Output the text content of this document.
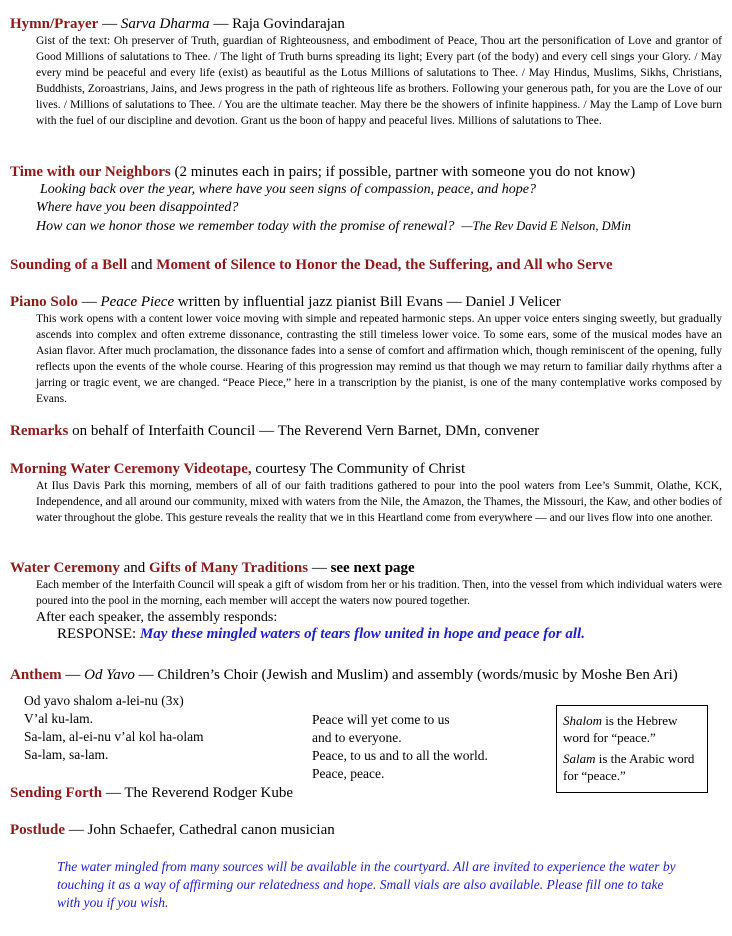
Hymn/Prayer — Sarva Dharma — Raja Govindarajan

Gist of the text: Oh preserver of Truth, guardian of Righteousness, and embodiment of Peace, Thou art the personification of Love and grantor of Good Millions of salutations to Thee. / The light of Truth burns spreading its light; Every part (of the body) and every cell sings your Glory. / May every mind be peaceful and every life (exist) as beautiful as the Lotus Millions of salutations to Thee. / May Hindus, Muslims, Sikhs, Christians, Buddhists, Zoroastrians, Jains, and Jews progress in the path of righteous life as brothers. Following your generous path, for you are the Love of our lives. / Millions of salutations to Thee. / You are the ultimate teacher. May there be the showers of infinite happiness. / May the Lamp of Love burn with the fuel of our discipline and devotion. Grant us the boon of happy and peaceful lives. Millions of salutations to Thee.

Time with our Neighbors (2 minutes each in pairs; if possible, partner with someone you do not know)
Looking back over the year, where have you seen signs of compassion, peace, and hope?
Where have you been disappointed?
How can we honor those we remember today with the promise of renewal? —The Rev David E Nelson, DMin
Sounding of a Bell and Moment of Silence to Honor the Dead, the Suffering, and All who Serve
Piano Solo — Peace Piece written by influential jazz pianist Bill Evans — Daniel J Velicer

This work opens with a content lower voice moving with simple and repeated harmonic steps. An upper voice enters singing sweetly, but gradually ascends into complex and often extreme dissonance, contrasting the still timeless lower voice. To some ears, some of the musical modes have an Asian flavor. After much proclamation, the dissonance fades into a sense of comfort and affirmation which, though reminiscent of the opening, fully reflects upon the events of the whole course. Hearing of this progression may remind us that though we may return to familiar daily rhythms after a jarring or tragic event, we are changed. “Peace Piece,” here in a transcription by the pianist, is one of the many contemplative works composed by Evans.

Remarks on behalf of Interfaith Council — The Reverend Vern Barnet, DMn, convener
Morning Water Ceremony Videotape, courtesy The Community of Christ

At Ilus Davis Park this morning, members of all of our faith traditions gathered to pour into the pool waters from Lee’s Summit, Olathe, KCK, Independence, and all around our community, mixed with waters from the Nile, the Amazon, the Thames, the Missouri, the Kaw, and other bodies of water throughout the globe. This gesture reveals the reality that we in this Heartland come from everywhere — and our lives flow into one another.

Water Ceremony and Gifts of Many Traditions — see next page

Each member of the Interfaith Council will speak a gift of wisdom from her or his tradition. Then, into the vessel from which individual waters were poured into the pool in the morning, each member will accept the waters now poured together.

After each speaker, the assembly responds:
RESPONSE: May these mingled waters of tears flow united in hope and peace for all.
Anthem — Od Yavo — Children’s Choir (Jewish and Muslim) and assembly (words/music by Moshe Ben Ari)
Od yavo shalom a-lei-nu (3x)
V’al ku-lam.
Sa-lam, al-ei-nu v’al kol ha-olam
Sa-lam, sa-lam.
Peace will yet come to us
and to everyone.
Peace, to us and to all the world.
Peace, peace.

Shalom is the Hebrew word for “peace.”

Salam is the Arabic word for “peace.”

Sending Forth — The Reverend Rodger Kube
Postlude — John Schaefer, Cathedral canon musician
The water mingled from many sources will be available in the courtyard. All are invited to experience the water by touching it as a way of affirming our relatedness and hope. Small vials are also available. Please fill one to take with you if you wish.
